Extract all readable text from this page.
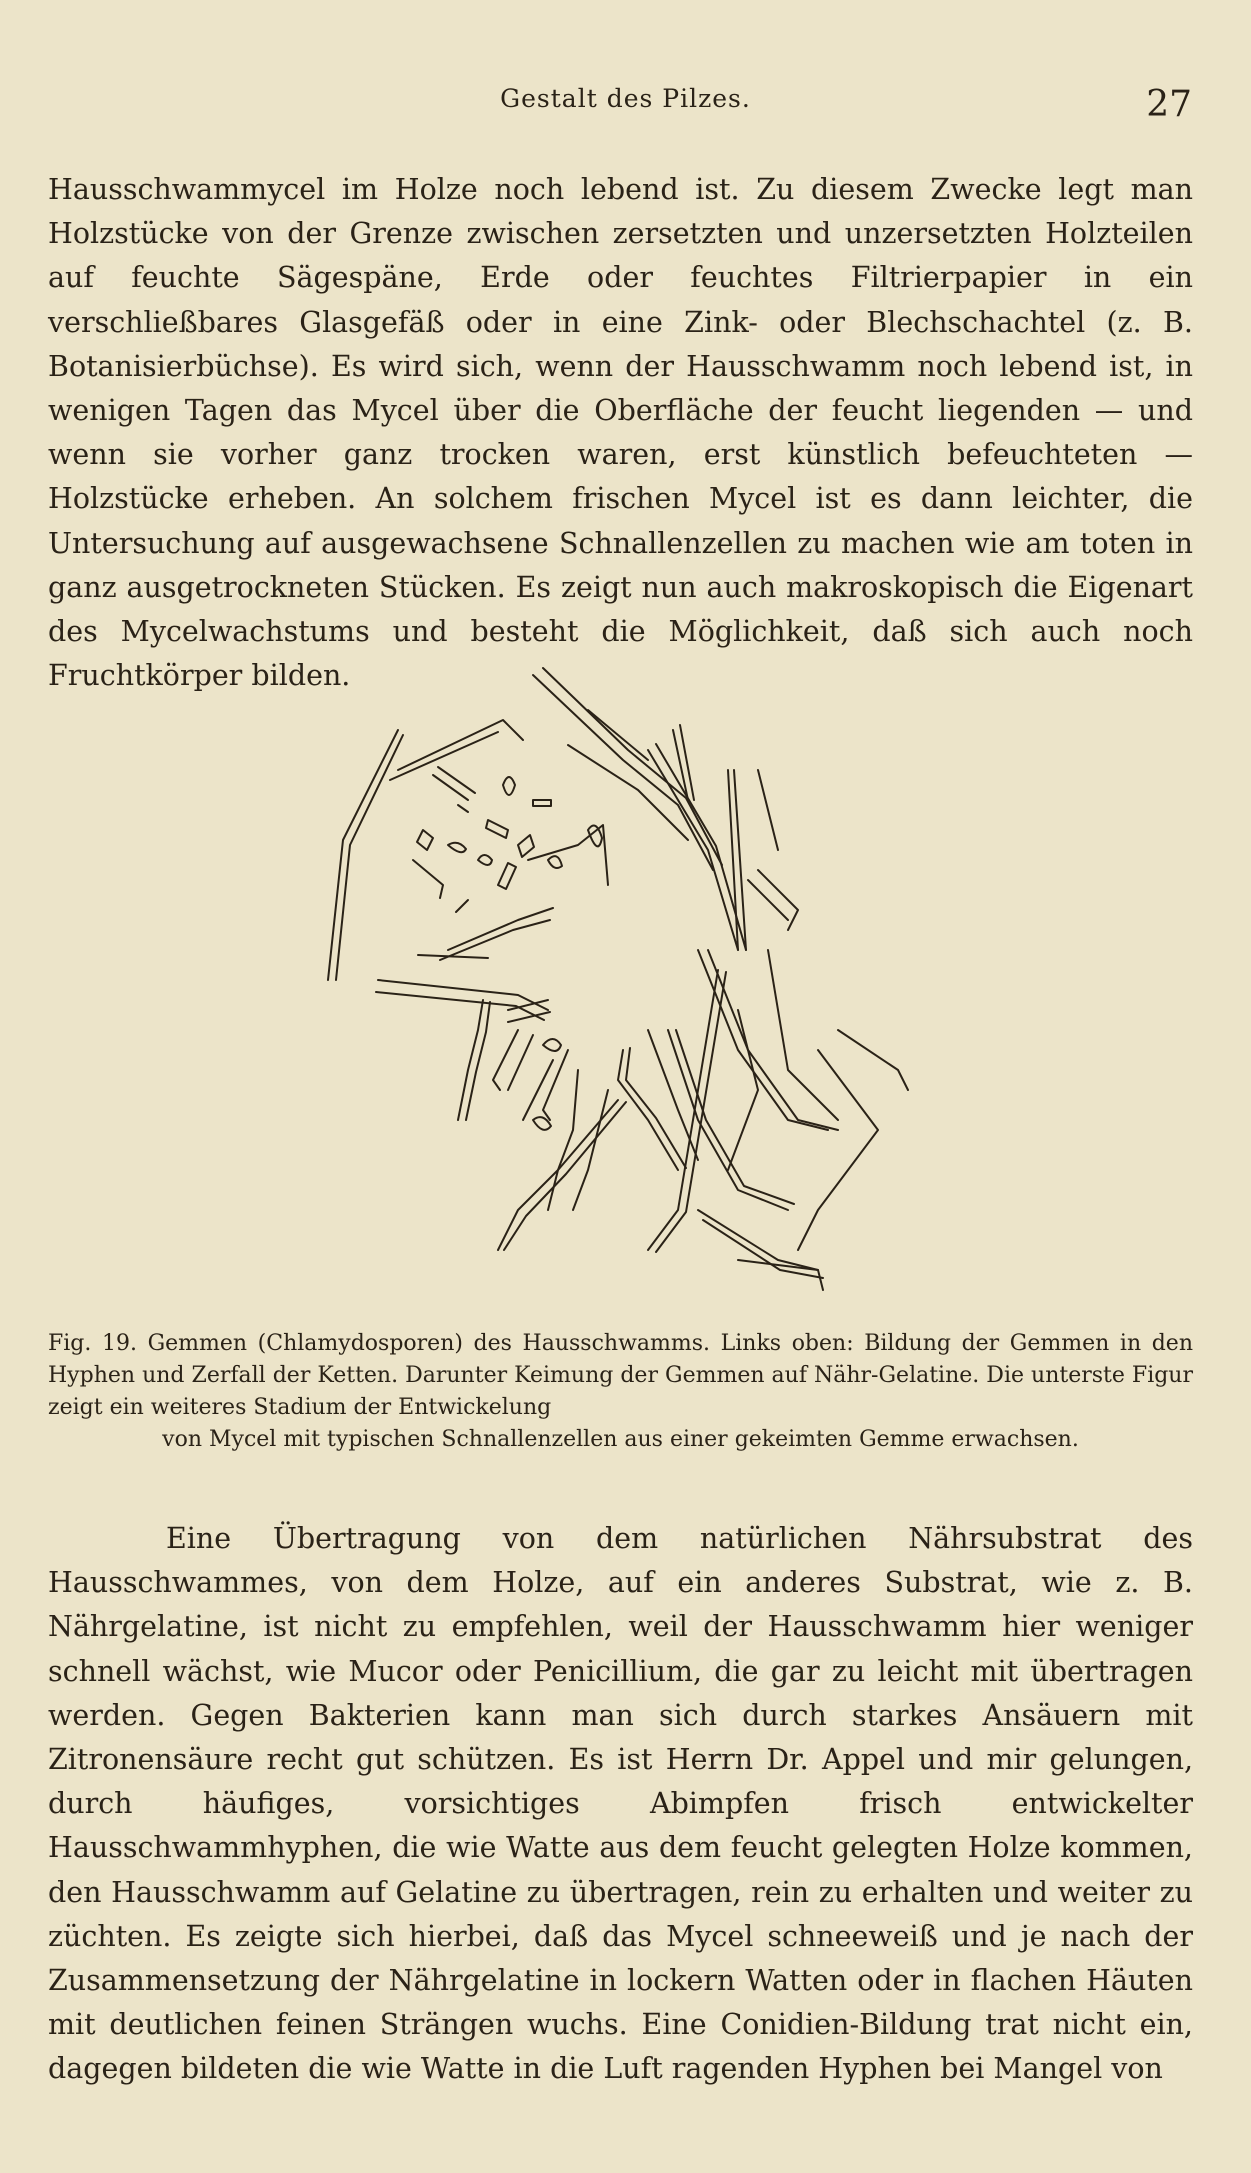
Gestalt des Pilzes.	27

Hausschwammycel im Holze noch lebend ist. Zu diesem Zwecke legt man Holzstücke von der Grenze zwischen zersetzten und unzersetzten Holzteilen auf feuchte Sägespäne, Erde oder feuchtes Filtrierpapier in ein verschließbares Glasgefäß oder in eine Zink- oder Blechschachtel (z. B. Botanisierbüchse). Es wird sich, wenn der Hausschwamm noch lebend ist, in wenigen Tagen das Mycel über die Oberfläche der feucht liegenden — und wenn sie vorher ganz trocken waren, erst künstlich befeuchteten — Holzstücke erheben. An solchem frischen Mycel ist es dann leichter, die Untersuchung auf ausgewachsene Schnallenzellen zu machen wie am toten in ganz ausgetrockneten Stücken. Es zeigt nun auch makroskopisch die Eigenart des Mycelwachstums und besteht die Möglichkeit, daß sich auch noch Fruchtkörper bilden.

Fig. 19. Gemmen (Chlamydosporen) des Hausschwamms. Links oben: Bildung der Gemmen in den Hyphen und Zerfall der Ketten. Darunter Keimung der Gemmen auf Nähr-Gelatine. Die unterste Figur zeigt ein weiteres Stadium der Entwickelung
von Mycel mit typischen Schnallenzellen aus einer gekeimten Gemme erwachsen.

Eine Übertragung von dem natürlichen Nährsubstrat des Hausschwammes, von dem Holze, auf ein anderes Substrat, wie z. B. Nährgelatine, ist nicht zu empfehlen, weil der Hausschwamm hier weniger schnell wächst, wie Mucor oder Penicillium, die gar zu leicht mit übertragen werden. Gegen Bakterien kann man sich durch starkes Ansäuern mit Zitronensäure recht gut schützen. Es ist Herrn Dr. Appel und mir gelungen, durch häufiges, vorsichtiges Abimpfen frisch entwickelter Hausschwammhyphen, die wie Watte aus dem feucht gelegten Holze kommen, den Hausschwamm auf Gelatine zu übertragen, rein zu erhalten und weiter zu züchten. Es zeigte sich hierbei, daß das Mycel schneeweiß und je nach der Zusammensetzung der Nährgelatine in lockern Watten oder in flachen Häuten mit deutlichen feinen Strängen wuchs. Eine Conidien-Bildung trat nicht ein, dagegen bildeten die wie Watte in die Luft ragenden Hyphen bei Mangel von
